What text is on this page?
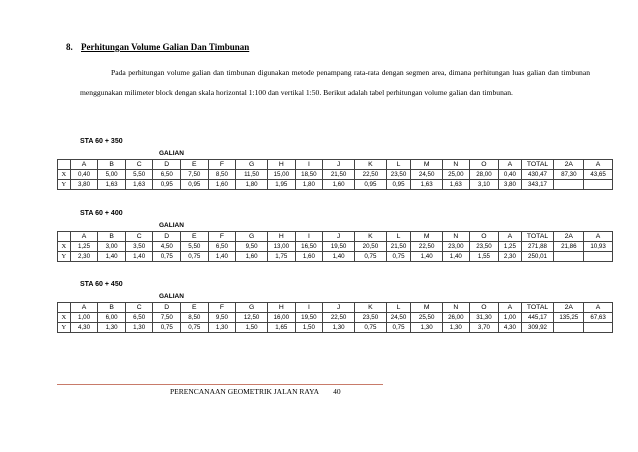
8. Perhitungan Volume Galian Dan Timbunan
Pada perhitungan volume galian dan timbunan digunakan metode penampang rata-rata dengan segmen area, dimana perhitungan luas galian dan timbunan menggunakan milimeter block dengan skala horizontal 1:100 dan vertikal 1:50. Berikut adalah tabel perhitungan volume galian dan timbunan.
STA 60 + 350
GALIAN
	A	B	C	D	E	F	G	H	I	J	K	L	M	N	O	A	TOTAL	2A	A
X	0,40	5,00	5,50	6,50	7,50	8,50	11,50	15,00	18,50	21,50	22,50	23,50	24,50	25,00	28,00	0,40	430,47	87,30	43,65
Y	3,80	1,63	1,63	0,95	0,95	1,60	1,80	1,95	1,80	1,60	0,95	0,95	1,63	1,63	3,10	3,80	343,17		
STA 60 + 400
GALIAN
	A	B	C	D	E	F	G	H	I	J	K	L	M	N	O	A	TOTAL	2A	A
X	1,25	3,00	3,50	4,50	5,50	6,50	9,50	13,00	16,50	19,50	20,50	21,50	22,50	23,00	23,50	1,25	271,88	21,86	10,93
Y	2,30	1,40	1,40	0,75	0,75	1,40	1,60	1,75	1,60	1,40	0,75	0,75	1,40	1,40	1,55	2,30	250,01		
STA 60 + 450
GALIAN
	A	B	C	D	E	F	G	H	I	J	K	L	M	N	O	A	TOTAL	2A	A
X	1,00	6,00	6,50	7,50	8,50	9,50	12,50	16,00	19,50	22,50	23,50	24,50	25,50	26,00	31,30	1,00	445,17	135,25	67,63
Y	4,30	1,30	1,30	0,75	0,75	1,30	1,50	1,65	1,50	1,30	0,75	0,75	1,30	1,30	3,70	4,30	309,92		
PERENCANAAN GEOMETRIK JALAN RAYA 40
